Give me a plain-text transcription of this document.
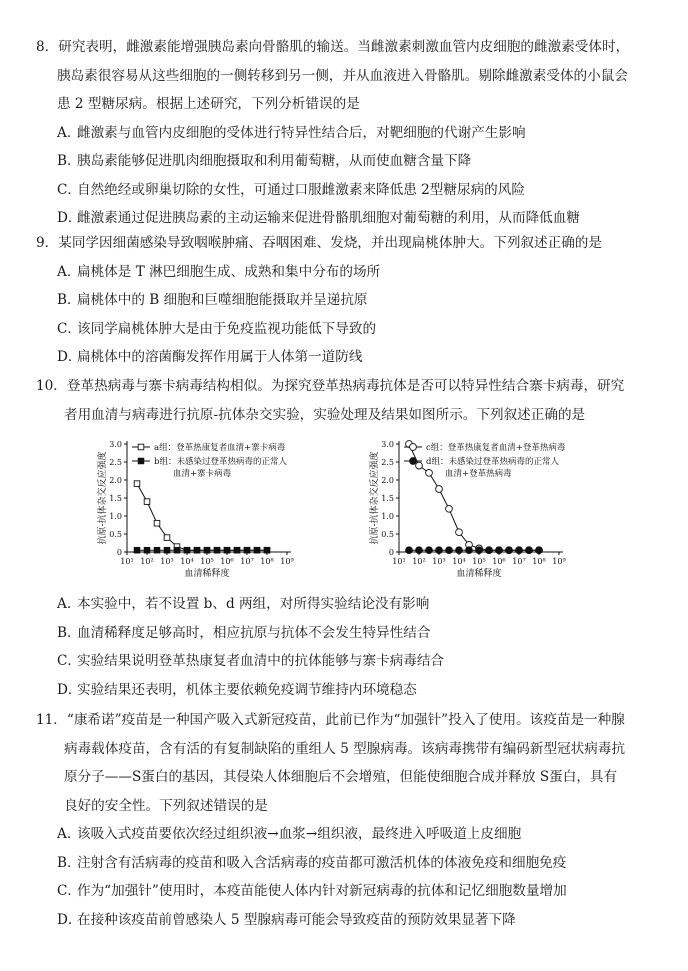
8．研究表明，雌激素能增强胰岛素向骨骼肌的输送。当雌激素刺激血管内皮细胞的雌激素受体时，
胰岛素很容易从这些细胞的一侧转移到另一侧，并从血液进入骨骼肌。剔除雌激素受体的小鼠会
患 2 型糖尿病。根据上述研究，下列分析错误的是

A．雌激素与血管内皮细胞的受体进行特异性结合后，对靶细胞的代谢产生影响

B．胰岛素能够促进肌肉细胞摄取和利用葡萄糖，从而使血糖含量下降

C．自然绝经或卵巢切除的女性，可通过口服雌激素来降低患 2型糖尿病的风险

D．雌激素通过促进胰岛素的主动运输来促进骨骼肌细胞对葡萄糖的利用，从而降低血糖

9．某同学因细菌感染导致咽喉肿痛、吞咽困难、发烧，并出现扁桃体肿大。下列叙述正确的是

A．扁桃体是 T 淋巴细胞生成、成熟和集中分布的场所

B．扁桃体中的 B 细胞和巨噬细胞能摄取并呈递抗原

C．该同学扁桃体肿大是由于免疫监视功能低下导致的

D．扁桃体中的溶菌酶发挥作用属于人体第一道防线

10．登革热病毒与寨卡病毒结构相似。为探究登革热病毒抗体是否可以特异性结合寨卡病毒，研究
者用血清与病毒进行抗原-抗体杂交实验，实验处理及结果如图所示。下列叙述正确的是

0
0.5
1.0
1.5
2.0
2.5
3.0
10¹ 10² 10³ 10⁴ 10⁵ 10⁶ 10⁷ 10⁸ 10⁹
血清稀释度
抗原-抗体杂交反应强度
a组：登革热康复者血清+寨卡病毒
b组：未感染过登革热病毒的正常人
血清+寨卡病毒
0
0.5
1.0
1.5
2.0
2.5
3.0
10¹ 10² 10³ 10⁴ 10⁵ 10⁶ 10⁷ 10⁸ 10⁹
血清稀释度
抗原-抗体杂交反应强度
c组：登革热康复者血清+登革热病毒
d组：未感染过登革热病毒的正常人
血清+登革热病毒

A．本实验中，若不设置 b、d 两组，对所得实验结论没有影响

B．血清稀释度足够高时，相应抗原与抗体不会发生特异性结合

C．实验结果说明登革热康复者血清中的抗体能够与寨卡病毒结合

D．实验结果还表明，机体主要依赖免疫调节维持内环境稳态

11．“康希诺”疫苗是一种国产吸入式新冠疫苗，此前已作为“加强针”投入了使用。该疫苗是一种腺
病毒载体疫苗，含有活的有复制缺陷的重组人 5 型腺病毒。该病毒携带有编码新型冠状病毒抗
原分子——S蛋白的基因，其侵染人体细胞后不会增殖，但能使细胞合成并释放 S蛋白，具有
良好的安全性。下列叙述错误的是

A．该吸入式疫苗要依次经过组织液→血浆→组织液，最终进入呼吸道上皮细胞

B．注射含有活病毒的疫苗和吸入含活病毒的疫苗都可激活机体的体液免疫和细胞免疫

C．作为“加强针”使用时，本疫苗能使人体内针对新冠病毒的抗体和记忆细胞数量增加

D．在接种该疫苗前曾感染人 5 型腺病毒可能会导致疫苗的预防效果显著下降
